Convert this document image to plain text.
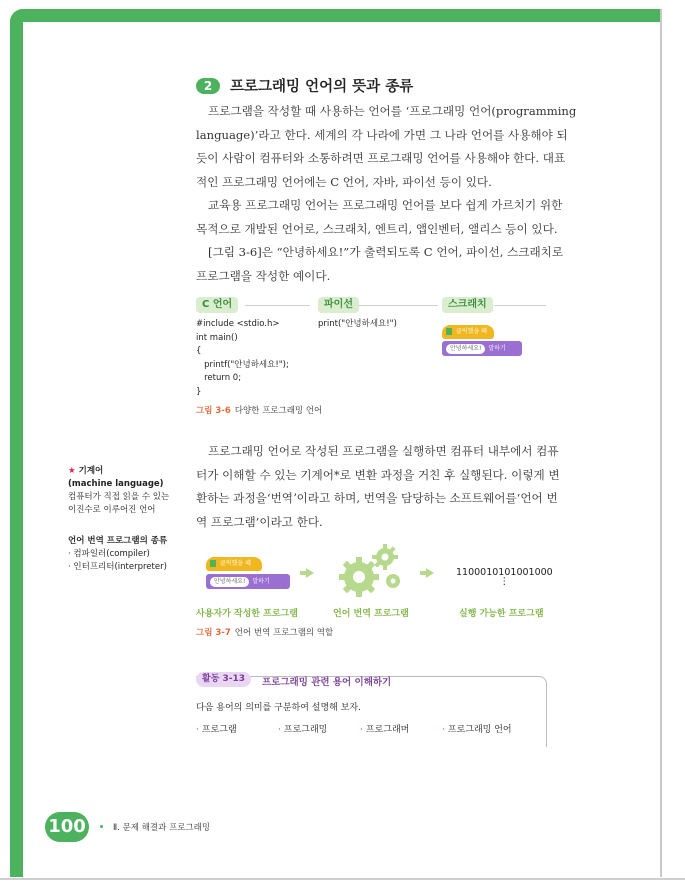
2	프로그래밍 언어의 뜻과 종류

프로그램을 작성할 때 사용하는 언어를 ‘프로그래밍 언어(programming
language)’라고 한다. 세계의 각 나라에 가면 그 나라 언어를 사용해야 되
듯이 사람이 컴퓨터와 소통하려면 프로그래밍 언어를 사용해야 한다. 대표
적인 프로그래밍 언어에는 C 언어, 자바, 파이선 등이 있다.

교육용 프로그래밍 언어는 프로그래밍 언어를 보다 쉽게 가르치기 위한
목적으로 개발된 언어로, 스크래치, 엔트리, 앱인벤터, 앨리스 등이 있다.

[그림 3-6]은 “안녕하세요!”가 출력되도록 C 언어, 파이선, 스크래치로
프로그램을 작성한 예이다.

C 언어	파이선	스크래치
#include <stdio.h>
int main()
{
printf("안녕하세요!");
return 0;
}
print("안녕하세요!")
클릭했을 때
안녕하세요! 말하기
그림 3-6 다양한 프로그래밍 언어
★ 기계어
(machine language)
컴퓨터가 직접 읽을 수 있는
이진수로 이루어진 언어
언어 번역 프로그램의 종류
· 컴파일러(compiler)
· 인터프리터(interpreter)

프로그래밍 언어로 작성된 프로그램을 실행하면 컴퓨터 내부에서 컴퓨
터가 이해할 수 있는 기계어*로 변환 과정을 거친 후 실행된다. 이렇게 변
환하는 과정을ʻ번역ʼ이라고 하며, 번역을 담당하는 소프트웨어를ʻ언어 번
역 프로그램’이라고 한다.

클릭했을 때
안녕하세요! 말하기
1100010101001000
⋮
사용자가 작성한 프로그램	언어 번역 프로그램	실행 가능한 프로그램
그림 3-7 언어 번역 프로그램의 역할
활동 3-13	프로그래밍 관련 용어 이해하기
다음 용어의 의미를 구분하여 설명해 보자.
· 프로그램	· 프로그래밍	· 프로그래머	· 프로그래밍 언어
100	Ⅱ. 문제 해결과 프로그래밍
